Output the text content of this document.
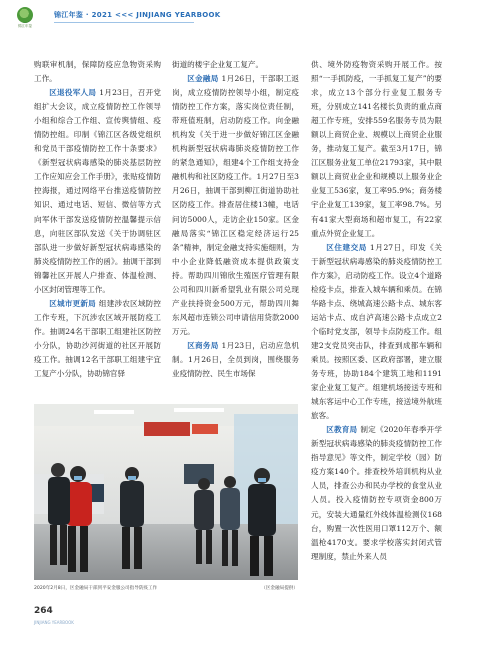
锦江年鉴
锦江年鉴 · 2021 <<< JINJIANG YEARBOOK

购联审机制，保障防疫应急物资采购工作。

区退役军人局 1月23日，召开党组扩大会议，成立疫情防控工作领导小组和综合工作组、宣传舆情组、疫情防控组。印制《锦江区各级党组织和党员干部疫情防控工作十条要求》《新型冠状病毒感染的肺炎基层防控工作应知应会工作手册》，张贴疫情防控海报，通过网络平台推送疫情防控知识、通过电话、短信、微信等方式向军休干部发送疫情防控温馨提示信息，向驻区部队发送《关于协调驻区部队进一步做好新型冠状病毒感染的肺炎疫情防控工作的函》。抽调干部到锦馨社区开展人户排查、体温检测、小区封闭管理等工作。

区城市更新局 组建涉农区域防控工作专班，下沉涉农区域开展防疫工作。抽调24名干部职工组建社区防控小分队，协助沙河街道的社区开展防疫工作。抽调12名干部职工组建宇宜工复产小分队，协助锦官驿

街道的楼宇企业复工复产。

区金融局 1月26日，干部职工返岗，成立疫情防控领导小组，制定疫情防控工作方案，落实岗位责任制，带班值班制，启动防疫工作。向金融机构发《关于进一步做好锦江区金融机构新型冠状病毒肺炎疫情防控工作的紧急通知》，组建4个工作组支持金融机构和社区防疫工作。1月27日至3月26日，抽调干部到柳江街道协助社区防疫工作。排查居住楼13幢，电话问访5000人，走访企业150家。区金融局落实“锦江区稳定经济运行25条”精神，制定金融支持实施细则，为中小企业降低融资成本提供政策支持。帮助四川锦欣生殖医疗管理有限公司和四川新希望乳业有限公司兑现产业扶持资金500万元，帮助四川舞东风超市连锁公司申请信用贷款2000万元。

区商务局 1月23日，启动应急机制。1月26日，全员到岗，围绕服务业疫情防控、民生市场保

供、境外防疫物资采购开展工作。按照“一手抓防疫，一手抓复工复产”的要求，成立13个部分行业复工服务专班，分别成立141名楼长负责的重点商超工作专班，安排559名服务专员为限额以上商贸企业、规模以上商贸企业服务，推动复工复产。截至3月17日，锦江区服务业复工单位21793家，其中限额以上商贸业企业和规模以上服务业企业复工536家，复工率95.9%；商务楼宇企业复工139家，复工率98.7%。另有41家大型商场和超市复工，有22家重点外贸企业复工。

区住建交局 1月27日，印发《关于新型冠状病毒感染的肺炎疫情防控工作方案》，启动防疫工作。设立4个道路检疫卡点，排查入城车辆和乘员。在锦华路卡点、绕城高速公路卡点、城东客运站卡点、成自泸高速公路卡点成立2个临时党支部，领导卡点防疫工作。组建2支党员突击队，排查到成都车辆和乘员。按照区委、区政府部署，建立服务专班，协助184个建筑工地和1191家企业复工复产。组建机场接送专班和城东客运中心工作专班，接送境外航班旅客。

区教育局 制定《2020年春季开学新型冠状病毒感染的肺炎疫情防控工作指导意见》等文件，制定学校（园）防疫方案140个。排查校外培训机构从业人员，排查公办和民办学校的食堂从业人员。投入疫情防控专项资金800万元，安装大通量红外线体温检测仪168台，购置一次性医用口罩112万个、额温枪4170支。要求学校落实封闭式管理制度，禁止外来人员

2020年2月8日，区金融局干部到平安金服公司指导防疫工作	（区金融局提供）
264
JINJIANG YEARBOOK
